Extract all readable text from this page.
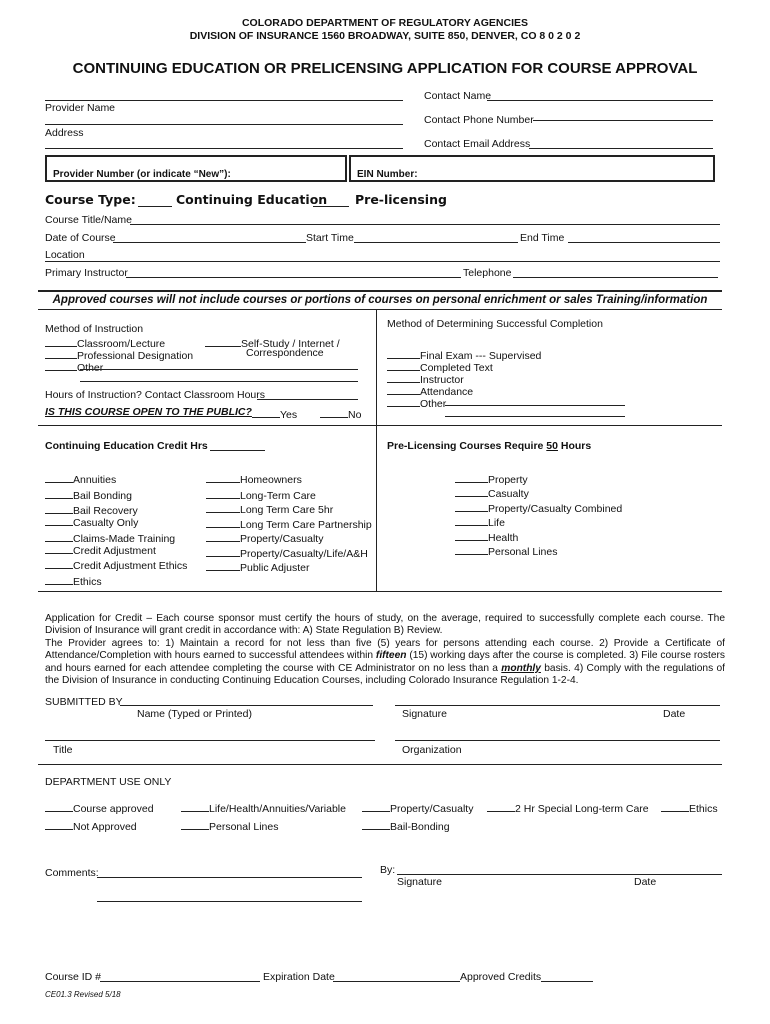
COLORADO DEPARTMENT OF REGULATORY AGENCIES
DIVISION OF INSURANCE 1560 BROADWAY, SUITE 850, DENVER, CO 8 0 2 0 2
CONTINUING EDUCATION OR PRELICENSING APPLICATION FOR COURSE APPROVAL
Provider Name
Address
Contact Name
Contact Phone Number
Contact Email Address
Provider Number (or indicate “New”):	EIN Number:
Course Type:	Continuing Education Pre-licensing
Course Title/Name
Date of Course	Start Time	End Time
Location
Primary Instructor	Telephone
Approved courses will not include courses or portions of courses on personal enrichment or sales Training/information
Method of Instruction
Classroom/Lecture
Professional Designation
Other
Self-Study / Internet /
Correspondence
Hours of Instruction? Contact Classroom Hours
IS THIS COURSE OPEN TO THE PUBLIC?	Yes	No
Method of Determining Successful Completion
Final Exam --- Supervised
Completed Text
Instructor
Attendance
Other
Continuing Education Credit Hrs
Annuities
Bail Bonding
Bail Recovery
Casualty Only
Claims-Made Training
Credit Adjustment
Credit Adjustment Ethics
Ethics
Homeowners
Long-Term Care
Long Term Care 5hr
Long Term Care Partnership
Property/Casualty
Property/Casualty/Life/A&H
Public Adjuster
Pre-Licensing Courses Require 50 Hours
Property
Casualty
Property/Casualty Combined
Life
Health
Personal Lines
Application for Credit – Each course sponsor must certify the hours of study, on the average, required to successfully complete each course. The Division of Insurance will grant credit in accordance with: A) State Regulation B) Review.
The Provider agrees to: 1) Maintain a record for not less than five (5) years for persons attending each course. 2) Provide a Certificate of Attendance/Completion with hours earned to successful attendees within fifteen (15) working days after the course is completed. 3) File course rosters and hours earned for each attendee completing the course with CE Administrator on no less than a monthly basis. 4) Comply with the regulations of the Division of Insurance in conducting Continuing Education Courses, including Colorado Insurance Regulation 1-2-4.
SUBMITTED BY
Name (Typed or Printed)	Signature	Date
Title	Organization
DEPARTMENT USE ONLY
Course approved	Life/Health/Annuities/Variable	Property/Casualty	2 Hr Special Long-term Care	Ethics
Not Approved	Personal Lines	Bail-Bonding
Comments:	By:
Signature	Date
Course ID #	Expiration Date	Approved Credits
CE01.3 Revised 5/18
